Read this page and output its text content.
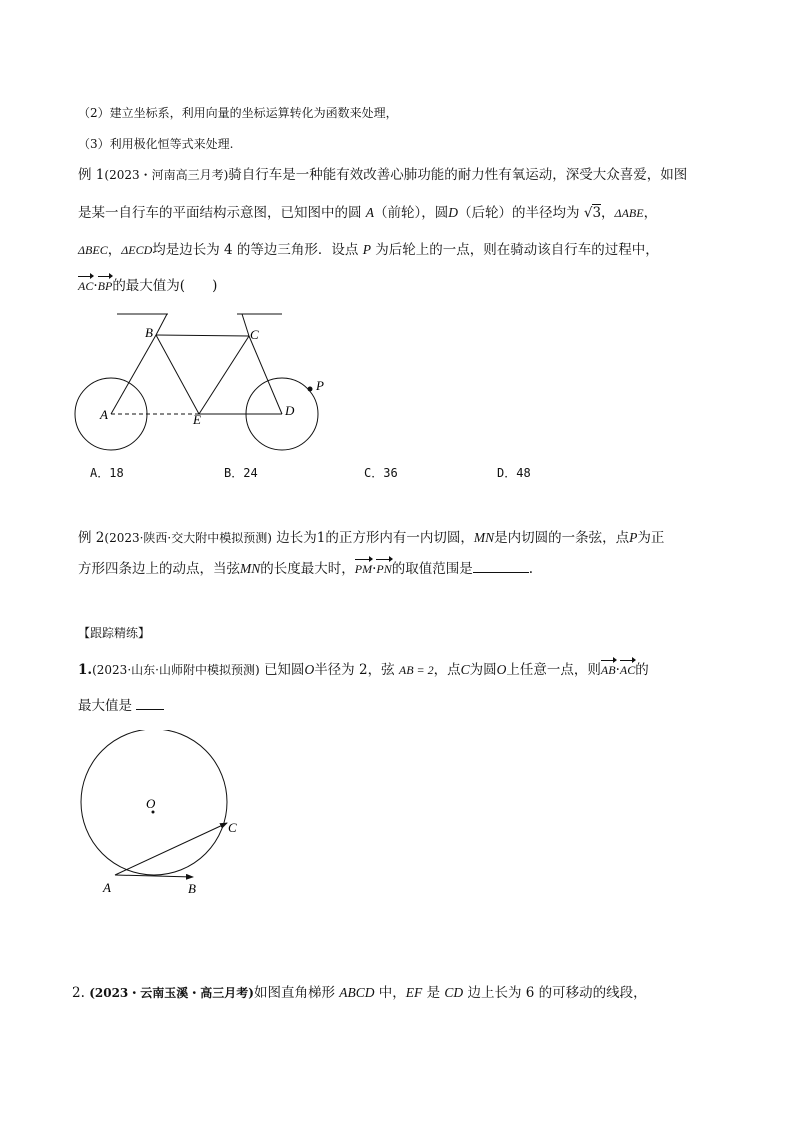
（2）建立坐标系，利用向量的坐标运算转化为函数来处理，
（3）利用极化恒等式来处理.
例 1(2023・河南高三月考)骑自行车是一种能有效改善心肺功能的耐力性有氧运动，深受大众喜爱，如图
是某一自行车的平面结构示意图，已知图中的圆 A（前轮），圆D（后轮）的半径均为 √3，ΔABE，
ΔBEC，ΔECD均是边长为 4 的等边三角形．设点 P 为后轮上的一点，则在骑动该自行车的过程中，
AC·BP的最大值为(　　)
B	C
A	E
D
P
A．18	B．24	C．36	D．48
例 2(2023·陕西·交大附中模拟预测) 边长为1的正方形内有一内切圆，MN是内切圆的一条弦，点P为正
方形四条边上的动点，当弦MN的长度最大时，PM·PN的取值范围是	.
【跟踪精练】
1.(2023·山东·山师附中模拟预测) 已知圆O半径为 2，弦 AB = 2，点C为圆O上任意一点，则AB·AC的
最大值是
O
C
A	B
2. (2023・云南玉溪・高三月考)如图直角梯形 ABCD 中，EF 是 CD 边上长为 6 的可移动的线段，
